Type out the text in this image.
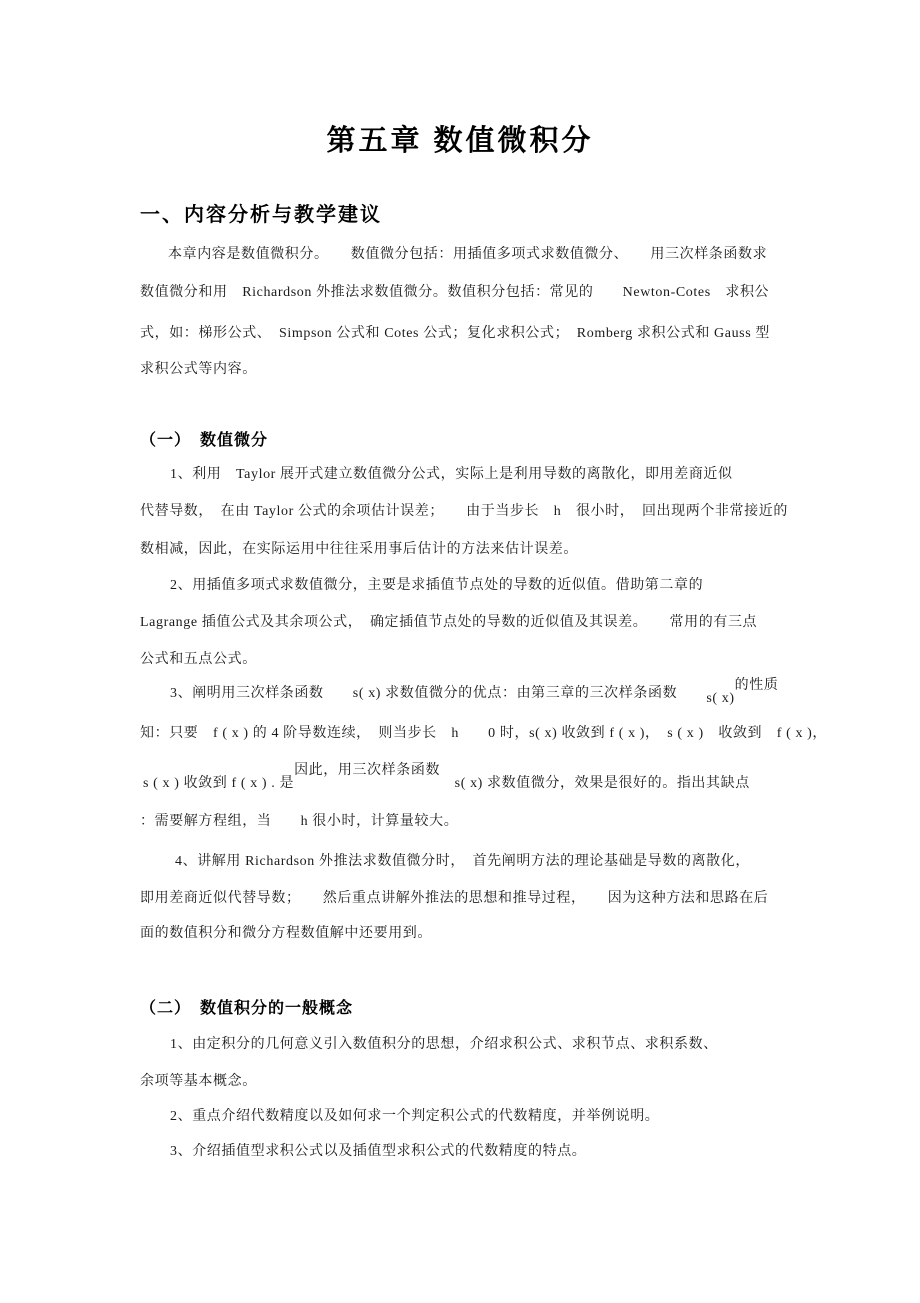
第五章 数值微积分
一、内容分析与教学建议
本章内容是数值微积分。　　数值微分包括：用插值多项式求数值微分、　　用三次样条函数求
数值微分和用　Richardson 外推法求数值微分。数值积分包括：常见的　　Newton-Cotes　求积公
式，如：梯形公式、　Simpson 公式和 Cotes 公式；复化求积公式；　Romberg 求积公式和 Gauss 型
求积公式等内容。
（一）　数值微分
1、利用　Taylor 展开式建立数值微分公式，实际上是利用导数的离散化，即用差商近似
代替导数，　在由 Taylor 公式的余项估计误差；　　由于当步长　h　很小时，　回出现两个非常接近的
数相减，因此，在实际运用中往往采用事后估计的方法来估计误差。
2、用插值多项式求数值微分，主要是求插值节点处的导数的近似值。借助第二章的
Lagrange 插值公式及其余项公式，　确定插值节点处的导数的近似值及其误差。　　常用的有三点
公式和五点公式。
3、阐明用三次样条函数　　s( x) 求数值微分的优点：由第三章的三次样条函数　　s( x)的性质
知：只要　f ( x ) 的 4 阶导数连续，　则当步长　h　　0 时，s( x) 收敛到 f ( x )，　s ( x )　收敛到　f ( x )，
s ( x ) 收敛到 f ( x ) . 是因此，用三次样条函数　s( x) 求数值微分，效果是很好的。指出其缺点
：需要解方程组，当　　h 很小时，计算量较大。
4、讲解用 Richardson 外推法求数值微分时，　首先阐明方法的理论基础是导数的离散化，
即用差商近似代替导数；　　然后重点讲解外推法的思想和推导过程，　　因为这种方法和思路在后
面的数值积分和微分方程数值解中还要用到。
（二）　数值积分的一般概念
1、由定积分的几何意义引入数值积分的思想，介绍求积公式、求积节点、求积系数、
余项等基本概念。
2、重点介绍代数精度以及如何求一个判定积公式的代数精度，并举例说明。
3、介绍插值型求积公式以及插值型求积公式的代数精度的特点。
